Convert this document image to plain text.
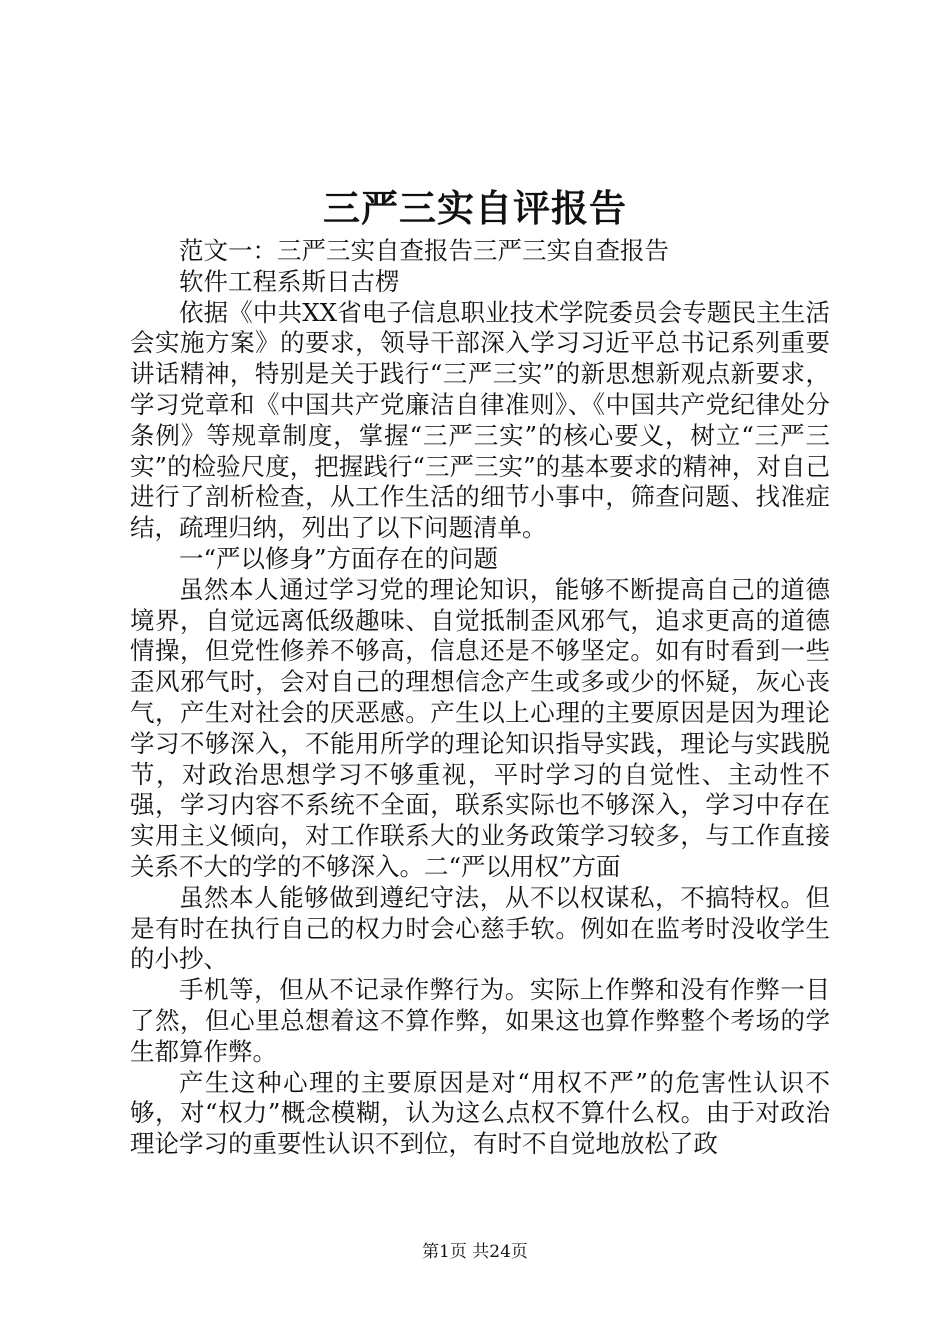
三严三实自评报告

范文一：三严三实自查报告三严三实自查报告

软件工程系斯日古楞

依据《中共XX省电子信息职业技术学院委员会专题民主生活会实施方案》的要求，领导干部深入学习习近平总书记系列重要讲话精神，特别是关于践行“三严三实”的新思想新观点新要求，学习党章和《中国共产党廉洁自律准则》、《中国共产党纪律处分条例》等规章制度，掌握“三严三实”的核心要义，树立“三严三实”的检验尺度，把握践行“三严三实”的基本要求的精神，对自己进行了剖析检查，从工作生活的细节小事中，筛查问题、找准症结，疏理归纳，列出了以下问题清单。

一“严以修身”方面存在的问题

虽然本人通过学习党的理论知识，能够不断提高自己的道德境界，自觉远离低级趣味、自觉抵制歪风邪气，追求更高的道德情操，但党性修养不够高，信息还是不够坚定。如有时看到一些歪风邪气时，会对自己的理想信念产生或多或少的怀疑，灰心丧气，产生对社会的厌恶感。产生以上心理的主要原因是因为理论学习不够深入，不能用所学的理论知识指导实践，理论与实践脱节，对政治思想学习不够重视，平时学习的自觉性、主动性不强，学习内容不系统不全面，联系实际也不够深入，学习中存在实用主义倾向，对工作联系大的业务政策学习较多，与工作直接关系不大的学的不够深入。二“严以用权”方面

虽然本人能够做到遵纪守法，从不以权谋私，不搞特权。但是有时在执行自己的权力时会心慈手软。例如在监考时没收学生的小抄、

手机等，但从不记录作弊行为。实际上作弊和没有作弊一目了然，但心里总想着这不算作弊，如果这也算作弊整个考场的学生都算作弊。

产生这种心理的主要原因是对“用权不严”的危害性认识不够，对“权力”概念模糊，认为这么点权不算什么权。由于对政治理论学习的重要性认识不到位，有时不自觉地放松了政

第1页 共24页
